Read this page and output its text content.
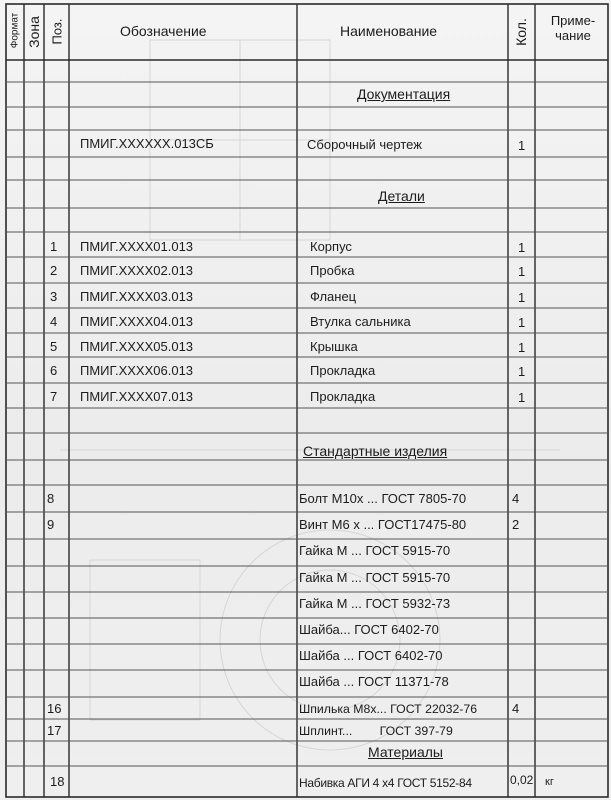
Формат Зона Поз.	Обозначение	Наименование	Кол.	Приме-
чание
Документация
Детали
Стандартные изделия
Материалы
ПМИГ.XXXXXX.013СБ	Сборочный чертеж	1
1 ПМИГ.XXXX01.013	Корпус	1
2 ПМИГ.XXXX02.013	Пробка	1
3 ПМИГ.XXXX03.013	Фланец	1
4 ПМИГ.XXXX04.013	Втулка сальника	1
5 ПМИГ.XXXX05.013	Крышка	1
6 ПМИГ.XXXX06.013	Прокладка	1
7 ПМИГ.XXXX07.013	Прокладка	1
8	Болт М10х ... ГОСТ 7805-70	4
9	Винт М6 х ... ГОСТ17475-80	2
Гайка М ... ГОСТ 5915-70
Гайка М ... ГОСТ 5915-70
Гайка М ... ГОСТ 5932-73
Шайба... ГОСТ 6402-70
Шайба ... ГОСТ 6402-70
Шайба ... ГОСТ 11371-78
16	Шпилька М8х... ГОСТ 22032-76	4
17	Шплинт...        ГОСТ 397-79
18	Набивка АГИ 4 х4 ГОСТ 5152-84	0,02 кг
